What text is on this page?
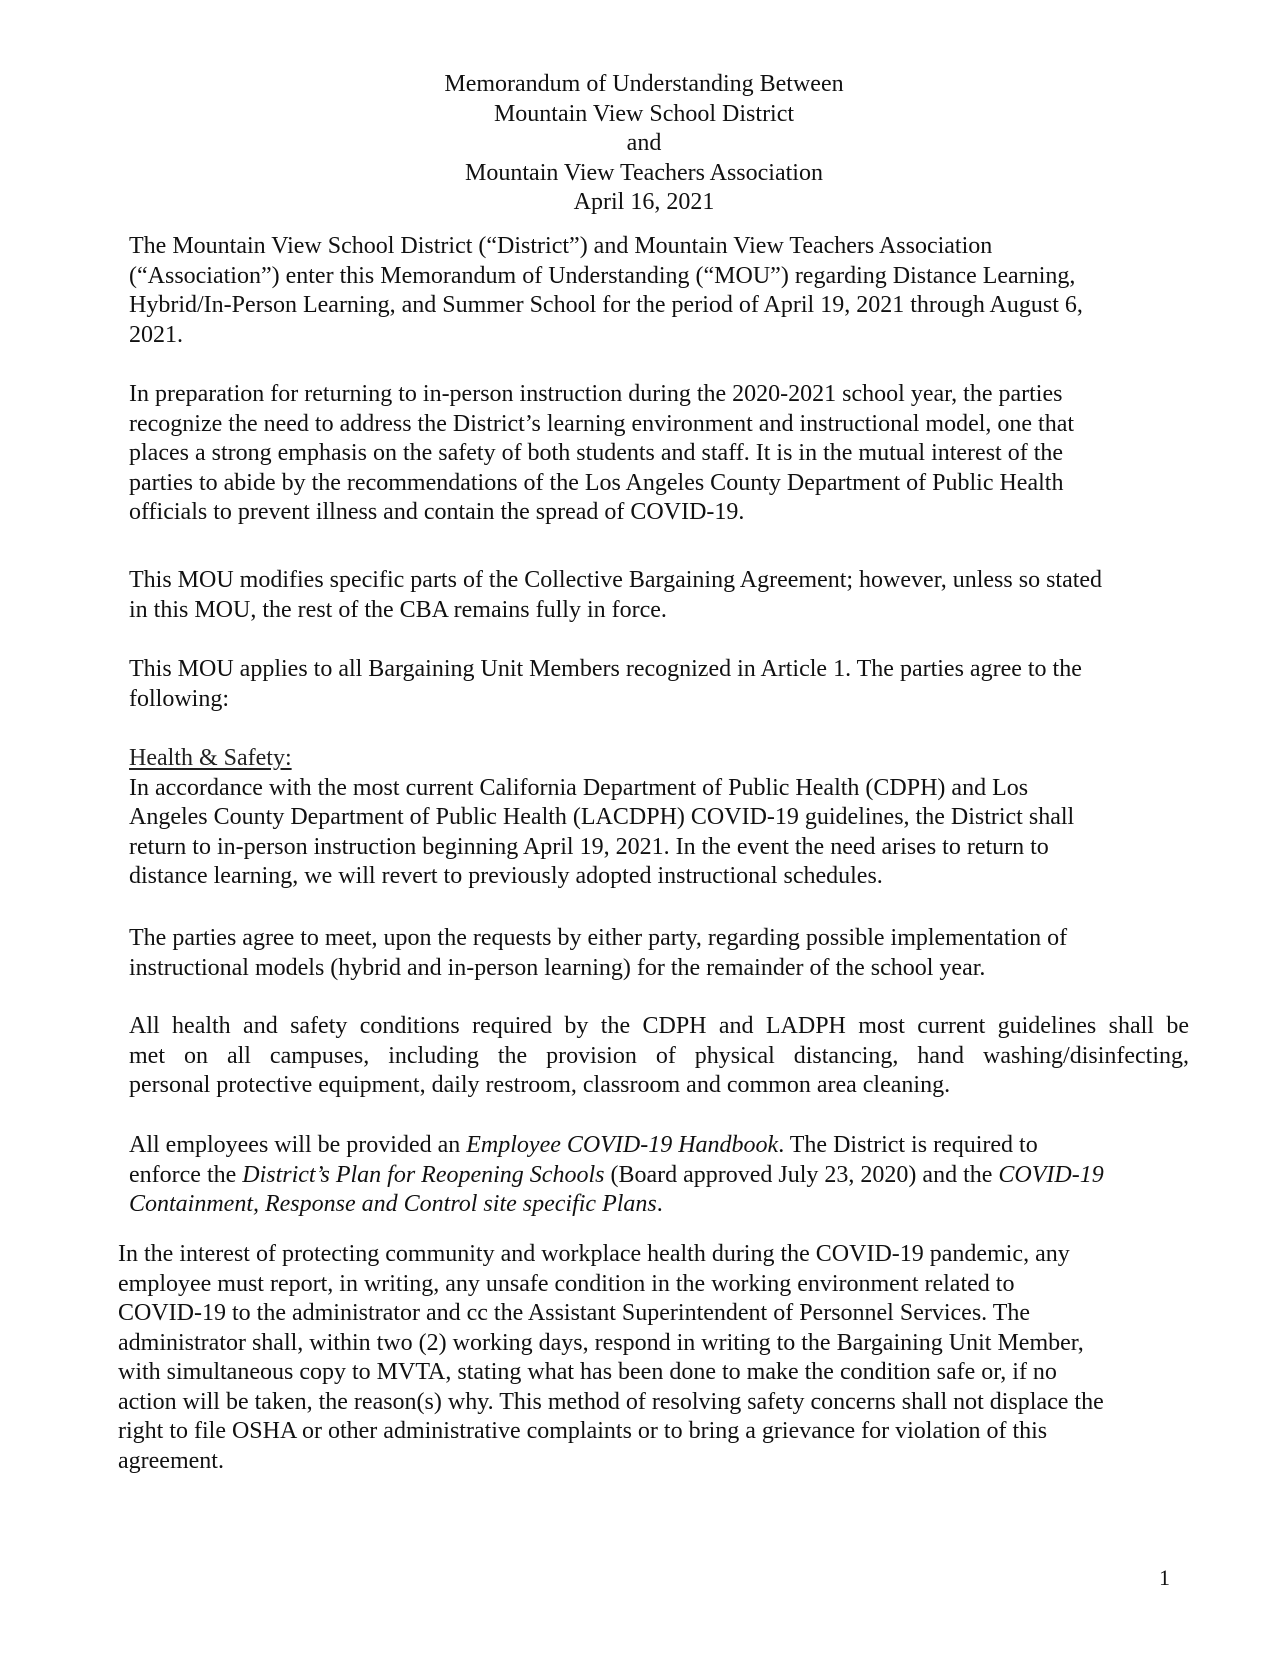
Memorandum of Understanding Between
Mountain View School District
and
Mountain View Teachers Association
April 16, 2021

The Mountain View School District (“District”) and Mountain View Teachers Association
(“Association”) enter this Memorandum of Understanding (“MOU”) regarding Distance Learning,
Hybrid/In-Person Learning, and Summer School for the period of April 19, 2021 through August 6,
2021.

In preparation for returning to in-person instruction during the 2020-2021 school year, the parties
recognize the need to address the District’s learning environment and instructional model, one that
places a strong emphasis on the safety of both students and staff. It is in the mutual interest of the
parties to abide by the recommendations of the Los Angeles County Department of Public Health
officials to prevent illness and contain the spread of COVID-19.

This MOU modifies specific parts of the Collective Bargaining Agreement; however, unless so stated
in this MOU, the rest of the CBA remains fully in force.

This MOU applies to all Bargaining Unit Members recognized in Article 1. The parties agree to the
following:

Health & Safety:
In accordance with the most current California Department of Public Health (CDPH) and Los
Angeles County Department of Public Health (LACDPH) COVID-19 guidelines, the District shall
return to in-person instruction beginning April 19, 2021. In the event the need arises to return to
distance learning, we will revert to previously adopted instructional schedules.

The parties agree to meet, upon the requests by either party, regarding possible implementation of
instructional models (hybrid and in-person learning) for the remainder of the school year.

All health and safety conditions required by the CDPH and LADPH most current guidelines shall be
met on all campuses, including the provision of physical distancing, hand washing/disinfecting,
personal protective equipment, daily restroom, classroom and common area cleaning.

All employees will be provided an Employee COVID-19 Handbook. The District is required to
enforce the District’s Plan for Reopening Schools (Board approved July 23, 2020) and the COVID-19
Containment, Response and Control site specific Plans.

In the interest of protecting community and workplace health during the COVID-19 pandemic, any
employee must report, in writing, any unsafe condition in the working environment related to
COVID-19 to the administrator and cc the Assistant Superintendent of Personnel Services. The
administrator shall, within two (2) working days, respond in writing to the Bargaining Unit Member,
with simultaneous copy to MVTA, stating what has been done to make the condition safe or, if no
action will be taken, the reason(s) why. This method of resolving safety concerns shall not displace the
right to file OSHA or other administrative complaints or to bring a grievance for violation of this
agreement.

1
